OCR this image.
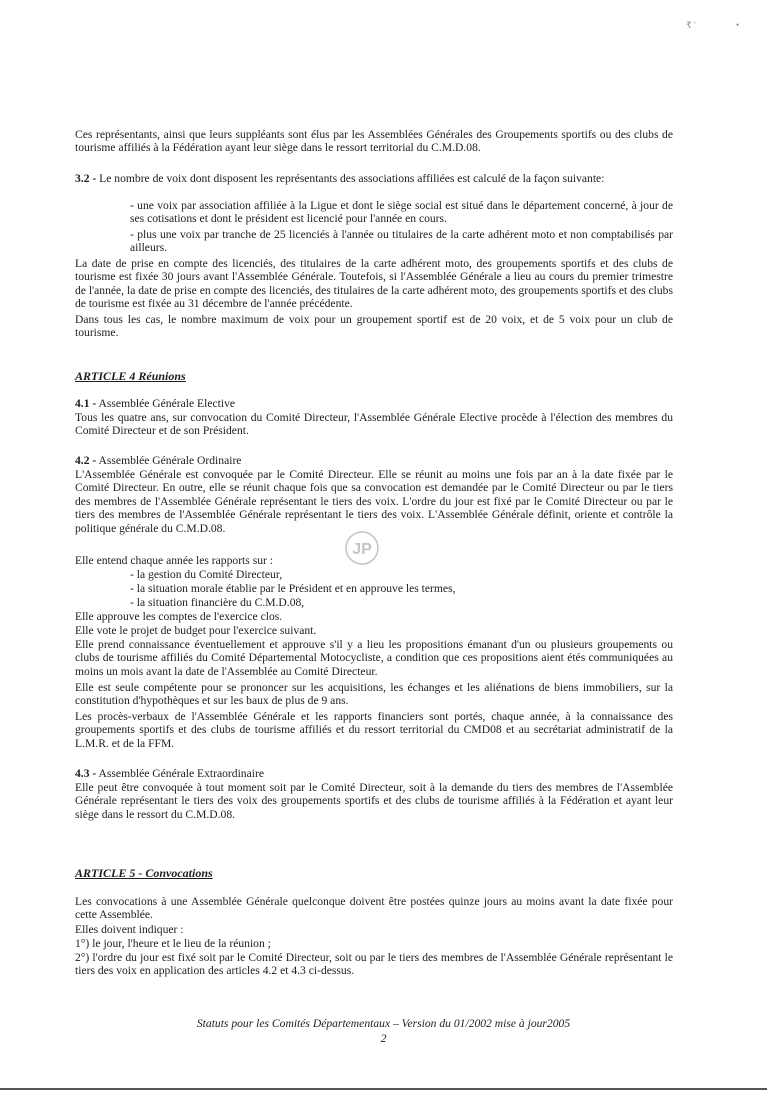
₹ ʹ	•

Ces représentants, ainsi que leurs suppléants sont élus par les Assemblées Générales des Groupements sportifs ou des clubs de tourisme affiliés à la Fédération ayant leur siège dans le ressort territorial du C.M.D.08.

3.2 - Le nombre de voix dont disposent les représentants des associations affiliées est calculé de la façon suivante:

- une voix par association affiliée à la Ligue et dont le siège social est situé dans le département concerné, à jour de ses cotisations et dont le président est licencié pour l'année en cours.

- plus une voix par tranche de 25 licenciés à l'année ou titulaires de la carte adhérent moto et non comptabilisés par ailleurs.

La date de prise en compte des licenciés, des titulaires de la carte adhérent moto, des groupements sportifs et des clubs de tourisme est fixée 30 jours avant l'Assemblée Générale. Toutefois, si l'Assemblée Générale a lieu au cours du premier trimestre de l'année, la date de prise en compte des licenciés, des titulaires de la carte adhérent moto, des groupements sportifs et des clubs de tourisme est fixée au 31 décembre de l'année précédente.

Dans tous les cas, le nombre maximum de voix pour un groupement sportif est de 20 voix, et de 5 voix pour un club de tourisme.

ARTICLE 4 Réunions

4.1 - Assemblée Générale Elective

Tous les quatre ans, sur convocation du Comité Directeur, l'Assemblée Générale Elective procède à l'élection des membres du Comité Directeur et de son Président.

4.2 - Assemblée Générale Ordinaire

L'Assemblée Générale est convoquée par le Comité Directeur. Elle se réunit au moins une fois par an à la date fixée par le Comité Directeur. En outre, elle se réunit chaque fois que sa convocation est demandée par le Comité Directeur ou par le tiers des membres de l'Assemblée Générale représentant le tiers des voix. L'ordre du jour est fixé par le Comité Directeur ou par le tiers des membres de l'Assemblée Générale représentant le tiers des voix. L'Assemblée Générale définit, oriente et contrôle la politique générale du C.M.D.08.

JP

Elle entend chaque année les rapports sur :

- la gestion du Comité Directeur,

- la situation morale établie par le Président et en approuve les termes,

- la situation financière du C.M.D.08,

Elle approuve les comptes de l'exercice clos.

Elle vote le projet de budget pour l'exercice suivant.

Elle prend connaissance éventuellement et approuve s'il y a lieu les propositions émanant d'un ou plusieurs groupements ou clubs de tourisme affiliés du Comité Départemental Motocycliste, a condition que ces propositions aient étés communiquées au moins un mois avant la date de l'Assemblée au Comité Directeur.

Elle est seule compétente pour se prononcer sur les acquisitions, les échanges et les aliénations de biens immobiliers, sur la constitution d'hypothèques et sur les baux de plus de 9 ans.

Les procès-verbaux de l'Assemblée Générale et les rapports financiers sont portés, chaque année, à la connaissance des groupements sportifs et des clubs de tourisme affiliés et du ressort territorial du CMD08 et au secrétariat administratif de la L.M.R. et de la FFM.

4.3 - Assemblée Générale Extraordinaire

Elle peut être convoquée à tout moment soit par le Comité Directeur, soit à la demande du tiers des membres de l'Assemblée Générale représentant le tiers des voix des groupements sportifs et des clubs de tourisme affiliés à la Fédération et ayant leur siège dans le ressort du C.M.D.08.

ARTICLE 5 - Convocations

Les convocations à une Assemblée Générale quelconque doivent être postées quinze jours au moins avant la date fixée pour cette Assemblée.

Elles doivent indiquer :

1°) le jour, l'heure et le lieu de la réunion ;

2°) l'ordre du jour est fixé soit par le Comité Directeur, soit ou par le tiers des membres de l'Assemblée Générale représentant le tiers des voix en application des articles 4.2 et 4.3 ci-dessus.

Statuts pour les Comités Départementaux – Version du 01/2002 mise à jour2005
2
